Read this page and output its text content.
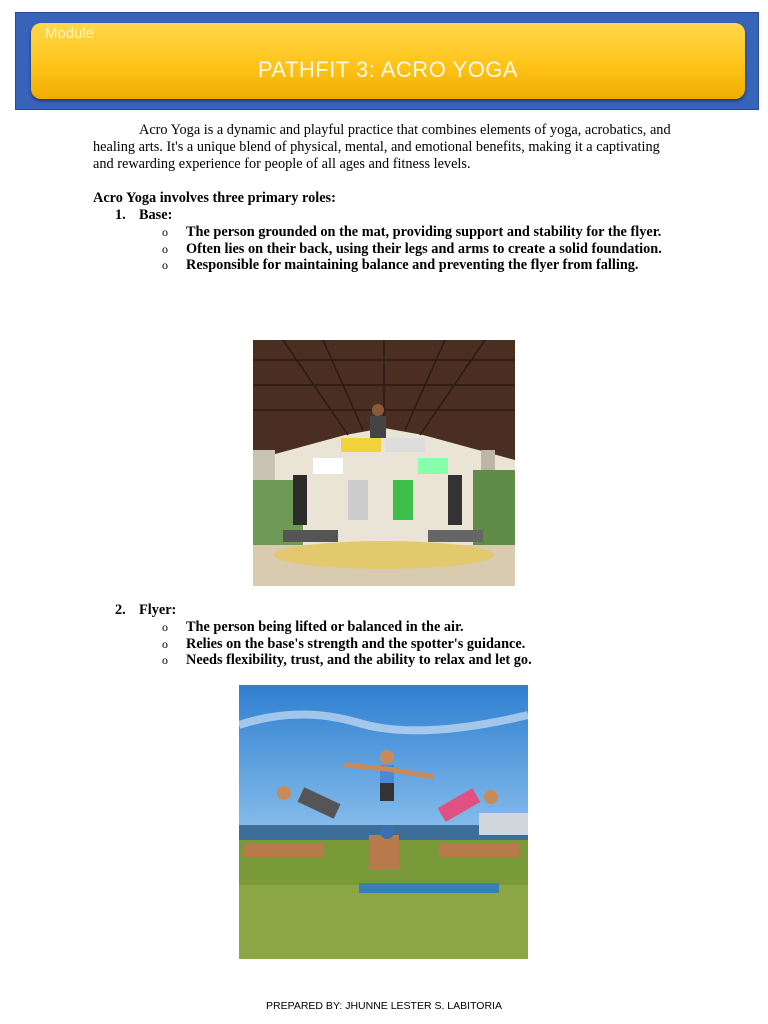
Module
PATHFIT 3: ACRO YOGA

Acro Yoga is a dynamic and playful practice that combines elements of yoga, acrobatics, and healing arts. It's a unique blend of physical, mental, and emotional benefits, making it a captivating and rewarding experience for people of all ages and fitness levels.

Acro Yoga involves three primary roles:
1. Base:
o The person grounded on the mat, providing support and stability for the flyer.
o Often lies on their back, using their legs and arms to create a solid foundation.
o Responsible for maintaining balance and preventing the flyer from falling.
2. Flyer:
o The person being lifted or balanced in the air.
o Relies on the base's strength and the spotter's guidance.
o Needs flexibility, trust, and the ability to relax and let go.
PREPARED BY: JHUNNE LESTER S. LABITORIA
